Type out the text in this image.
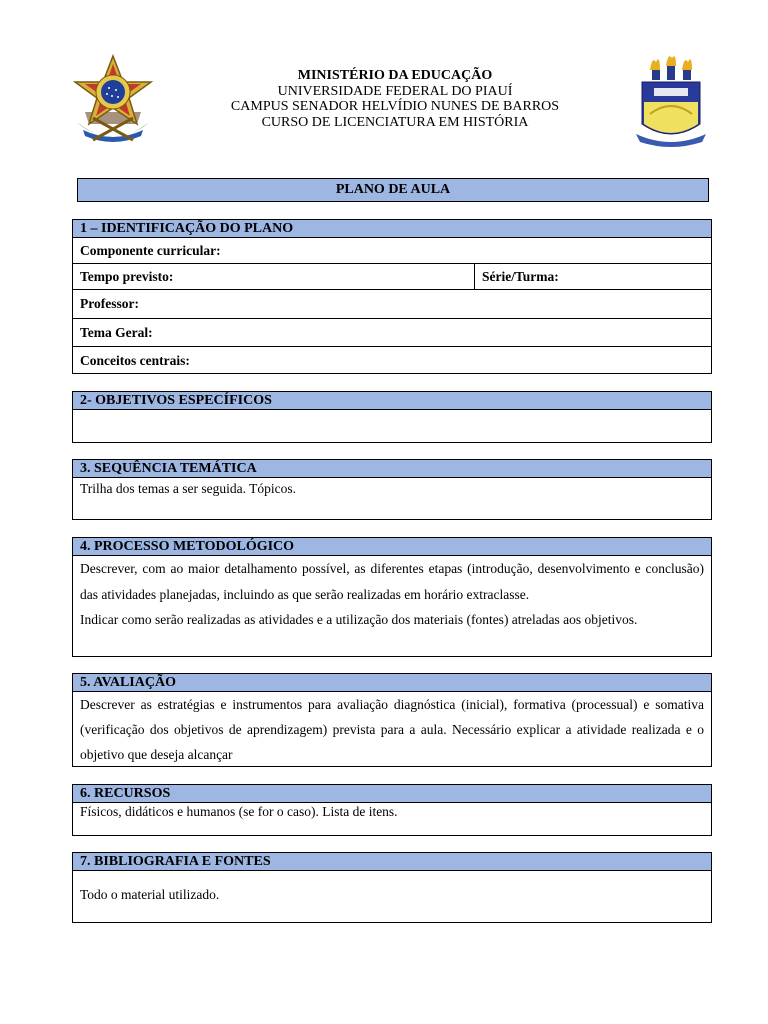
MINISTÉRIO DA EDUCAÇÃO
UNIVERSIDADE FEDERAL DO PIAUÍ
CAMPUS SENADOR HELVÍDIO NUNES DE BARROS
CURSO DE LICENCIATURA EM HISTÓRIA
PLANO DE AULA
1 – IDENTIFICAÇÃO DO PLANO
Componente curricular:
Tempo previsto:	Série/Turma:
Professor:
Tema Geral:
Conceitos centrais:
2- OBJETIVOS ESPECÍFICOS
3. SEQUÊNCIA TEMÁTICA
Trilha dos temas a ser seguida. Tópicos.
4. PROCESSO METODOLÓGICO
Descrever, com ao maior detalhamento possível, as diferentes etapas (introdução, desenvolvimento e conclusão) das atividades planejadas, incluindo as que serão realizadas em horário extraclasse.
Indicar como serão realizadas as atividades e a utilização dos materiais (fontes) atreladas aos objetivos.
5. AVALIAÇÃO
Descrever as estratégias e instrumentos para avaliação diagnóstica (inicial), formativa (processual) e somativa (verificação dos objetivos de aprendizagem) prevista para a aula. Necessário explicar a atividade realizada e o objetivo que deseja alcançar
6. RECURSOS
Físicos, didáticos e humanos (se for o caso). Lista de itens.
7. BIBLIOGRAFIA E FONTES
Todo o material utilizado.
